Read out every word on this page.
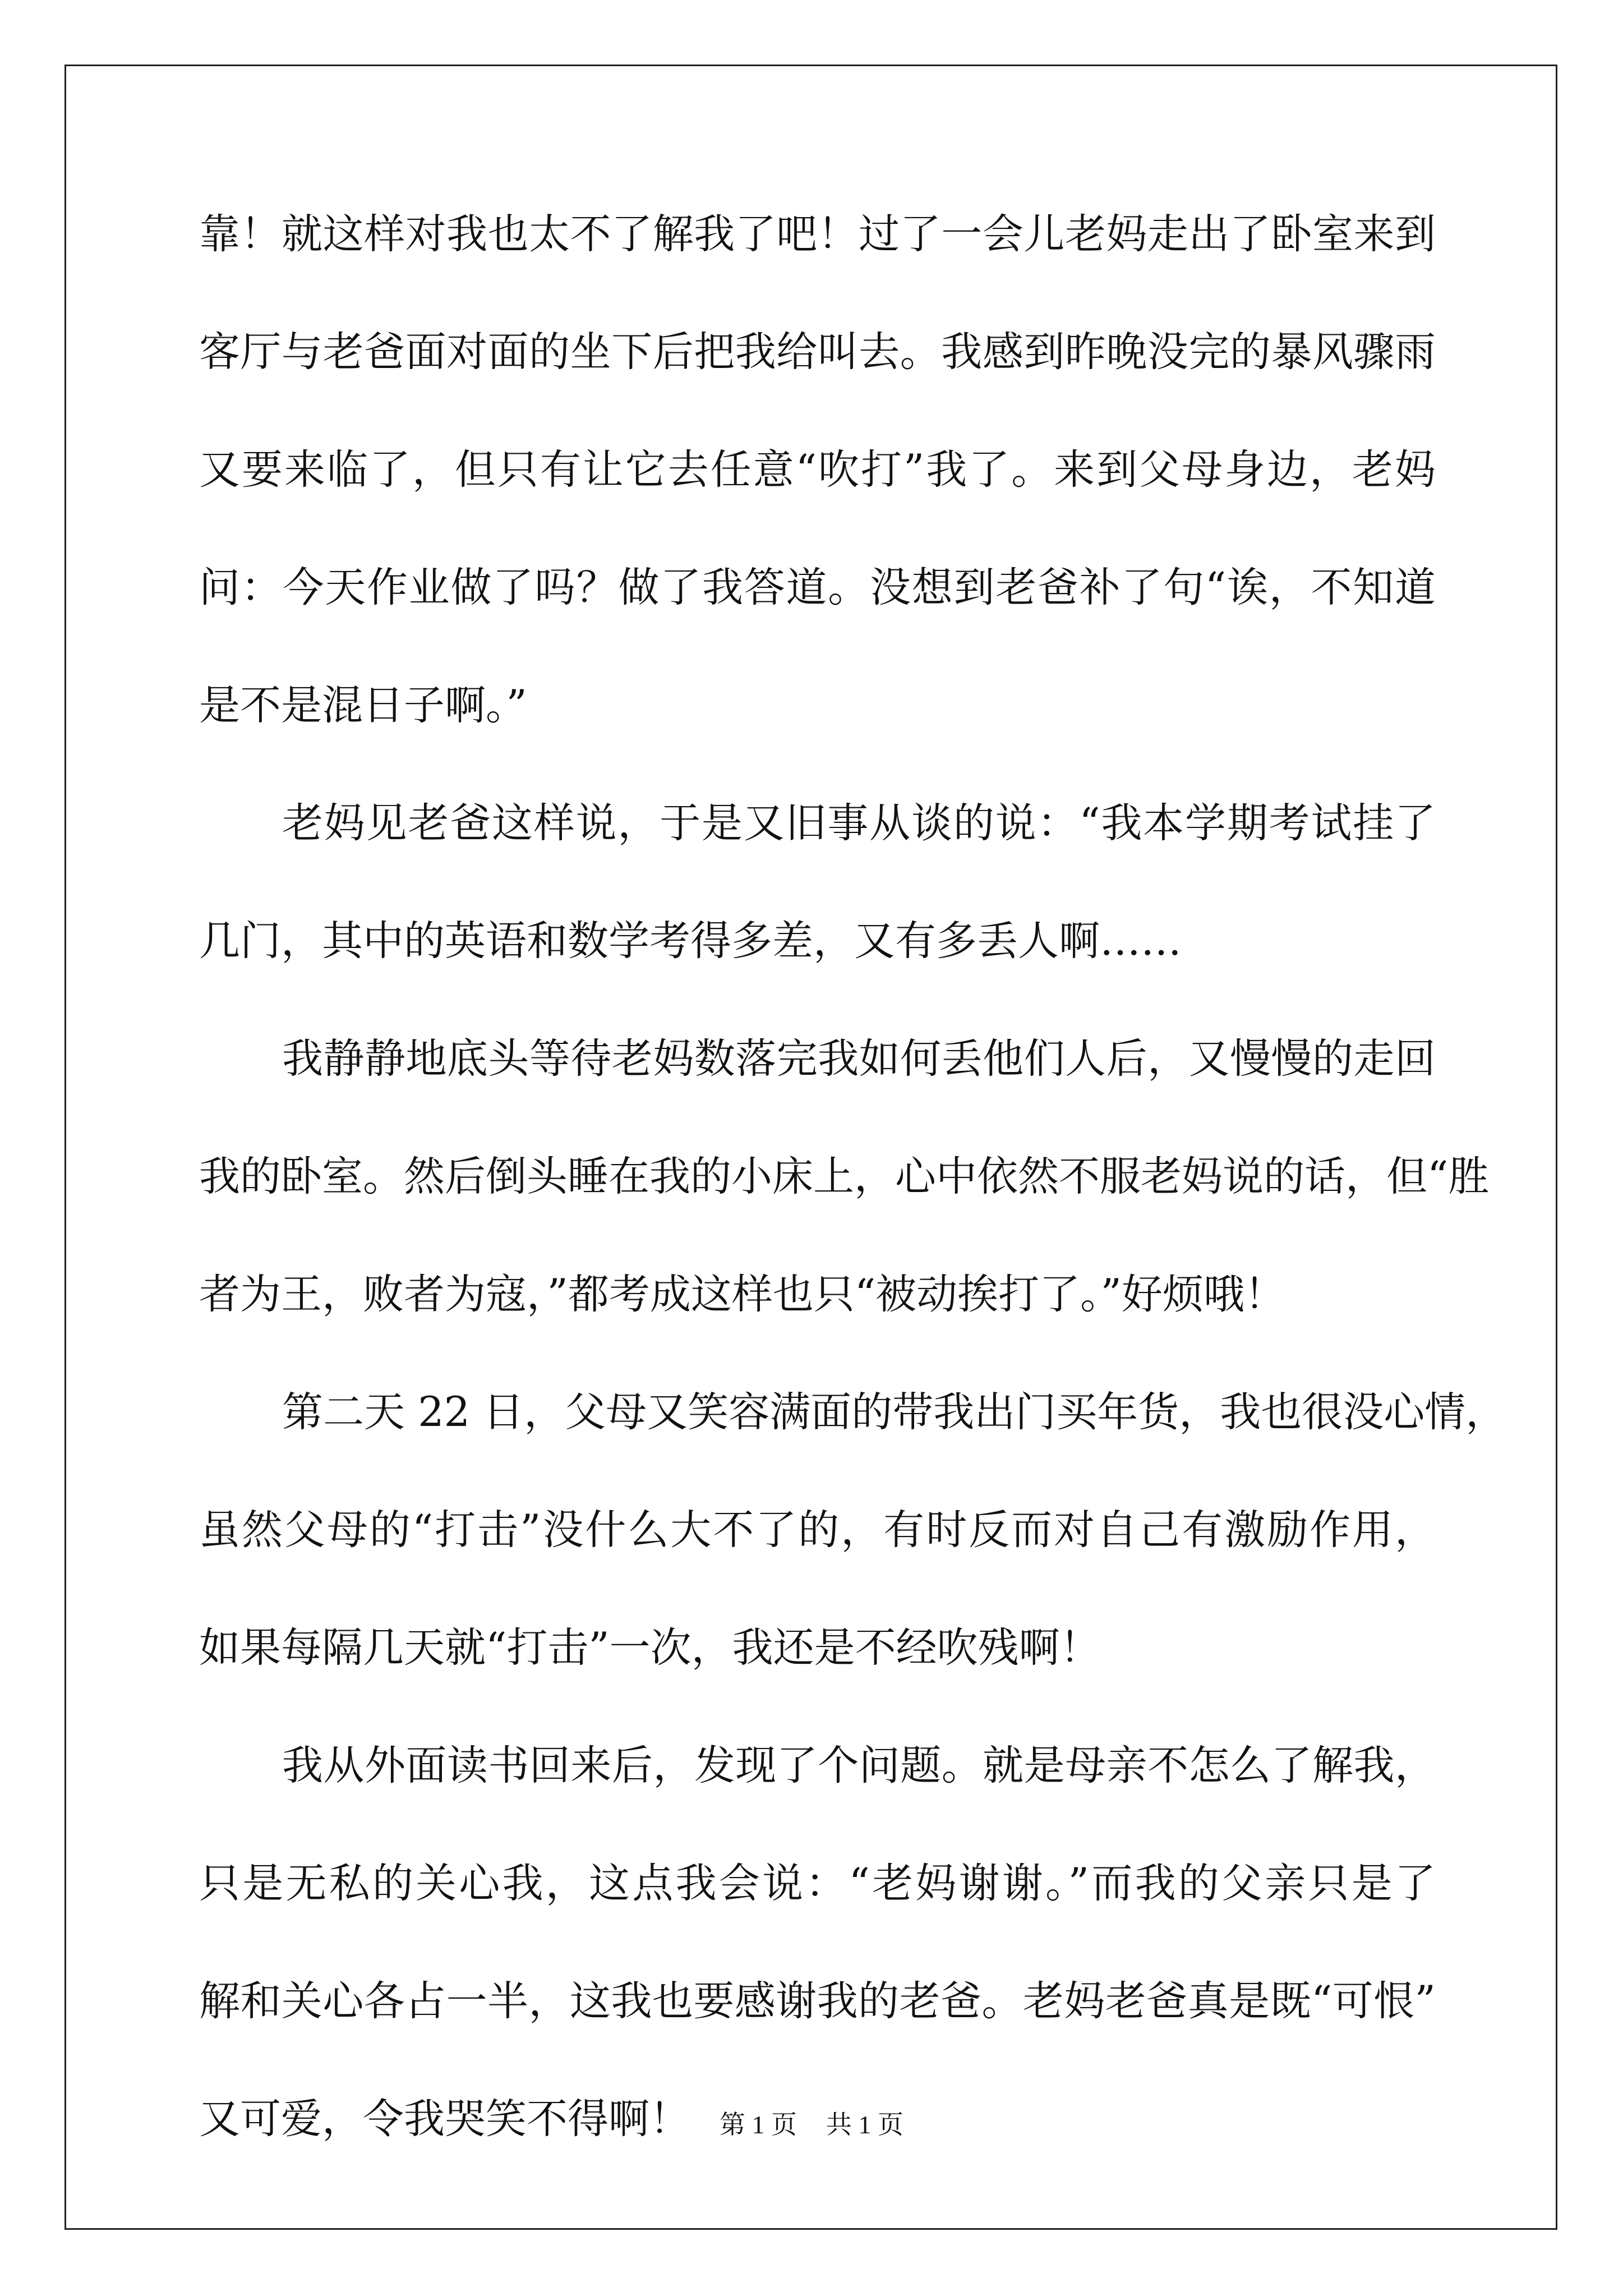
靠！就这样对我也太不了解我了吧！过了一会儿老妈走出了卧室来到
客厅与老爸面对面的坐下后把我给叫去。我感到昨晚没完的暴风骤雨
又要来临了，但只有让它去任意“吹打”我了。来到父母身边，老妈
问：今天作业做了吗？做了我答道。没想到老爸补了句“诶，不知道
是不是混日子啊。”
老妈见老爸这样说，于是又旧事从谈的说：“我本学期考试挂了
几门，其中的英语和数学考得多差，又有多丢人啊……
我静静地底头等待老妈数落完我如何丢他们人后，又慢慢的走回
我的卧室。然后倒头睡在我的小床上，心中依然不服老妈说的话，但“胜
者为王，败者为寇，”都考成这样也只“被动挨打了。”好烦哦！
第二天 22 日，父母又笑容满面的带我出门买年货，我也很没心情，
虽然父母的“打击”没什么大不了的，有时反而对自己有激励作用，
如果每隔几天就“打击”一次，我还是不经吹残啊！
我从外面读书回来后，发现了个问题。就是母亲不怎么了解我，
只是无私的关心我，这点我会说：“老妈谢谢。”而我的父亲只是了
解和关心各占一半，这我也要感谢我的老爸。老妈老爸真是既“可恨”
又可爱，令我哭笑不得啊！	第 1 页 共 1 页
